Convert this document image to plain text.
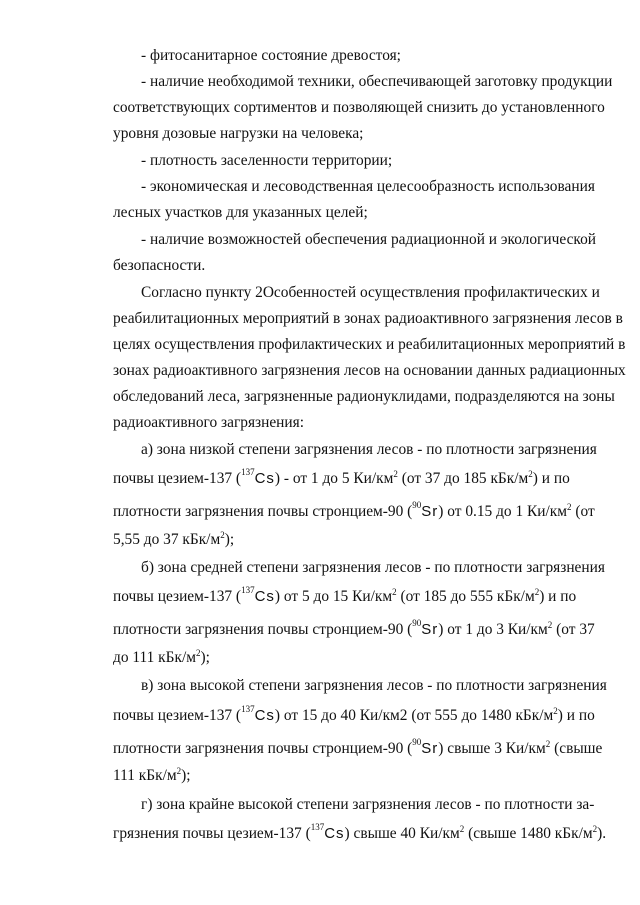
- фитосанитарное состояние древостоя;
- наличие необходимой техники, обеспечивающей заготовку продукции
соответствующих сортиментов и позволяющей снизить до установленного
уровня дозовые нагрузки на человека;
- плотность заселенности территории;
- экономическая и лесоводственная целесообразность использования
лесных участков для указанных целей;
- наличие возможностей обеспечения радиационной и экологической
безопасности.
Согласно пункту 2Особенностей осуществления профилактических и
реабилитационных мероприятий в зонах радиоактивного загрязнения лесов в
целях осуществления профилактических и реабилитационных мероприятий в
зонах радиоактивного загрязнения лесов на основании данных радиационных
обследований леса, загрязненные радионуклидами, подразделяются на зоны
радиоактивного загрязнения:
а) зона низкой степени загрязнения лесов - по плотности загрязнения
почвы цезием-137 ($^{137}$Cs) - от 1 до 5 $Ки/км^2$ (от 37 до 185 кБк/$м^2$) и по
плотности загрязнения почвы стронцием-90 ($^{90}$Sr) от 0.15 до 1 $Ки/км^2$ (от
5,55 до 37 кБк/$м^2$);
б) зона средней степени загрязнения лесов - по плотности загрязнения
почвы цезием-137 ($^{137}$Cs) от 5 до 15 $Ки/км^2$ (от 185 до 555 кБк/$м^2$) и по
плотности загрязнения почвы стронцием-90 ($^{90}$Sr) от 1 до 3 $Ки/км^2$ (от 37
до 111 кБк/$м^2$);
в) зона высокой степени загрязнения лесов - по плотности загрязнения
почвы цезием-137 ($^{137}$Cs) от 15 до 40 Ки/км2 (от 555 до 1480 кБк/$м^2$) и по
плотности загрязнения почвы стронцием-90 ($^{90}$Sr) свыше 3 $Ки/км^2$ (свыше
111 кБк/$м^2$);
г) зона крайне высокой степени загрязнения лесов - по плотности за-
грязнения почвы цезием-137 ($^{137}$Cs) свыше 40 $Ки/км^2$ (свыше 1480 кБк/$м^2$).
